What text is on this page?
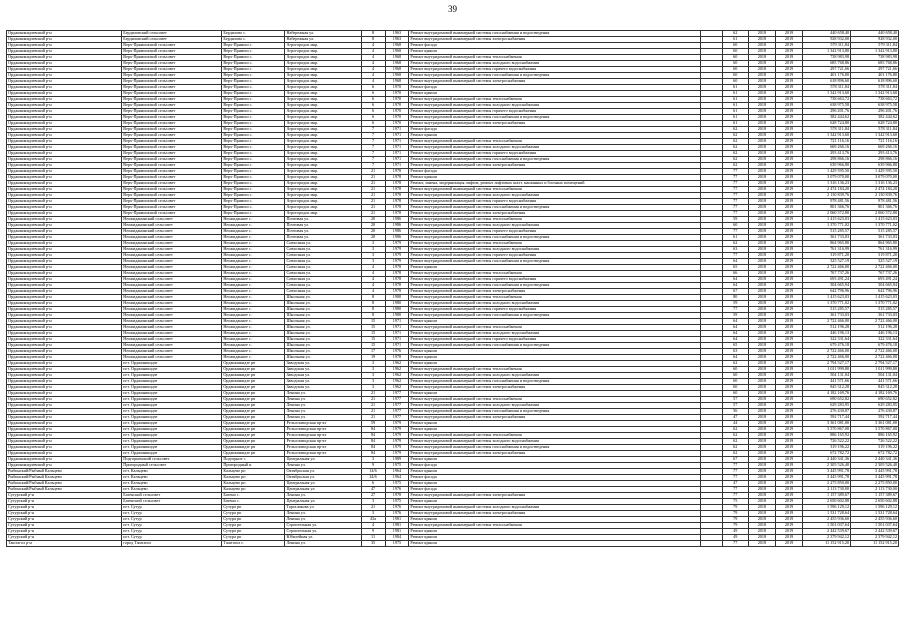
39
Орджоникидзевский р-н	Бердиловский сельсовет	Бердилово с.	Набережная ул.	8	1963	Ремонт внутридомовой инженерной системы газоснабжения и водоотведения		62	2018	2019	440 658,40	440 658,40
Орджоникидзевский р-н	Бердиловский сельсовет	Бердилово с.	Набережная ул.	8	1963	Ремонт внутридомовой инженерной системы электроснабжения		61	2018	2019	928 932,00	928 932,00
Орджоникидзевский р-н	Верх-Прямошский сельсовет	Верх-Прямош с.	Агрогородок мкр.	4	1968	Ремонт фасада		60	2018	2019	579 311,84	579 311,84
Орджоникидзевский р-н	Верх-Прямошский сельсовет	Верх-Прямош с.	Агрогородок мкр.	4	1968	Ремонт крыши		60	2018	2019	1 342 913,80	1 342 913,80
Орджоникидзевский р-н	Верх-Прямошский сельсовет	Верх-Прямош с.	Агрогородок мкр.	4	1968	Ремонт внутридомовой инженерной системы теплоснабжения		60	2018	2019	738 983,98	738 983,98
Орджоникидзевский р-н	Верх-Прямошский сельсовет	Верх-Прямош с.	Агрогородок мкр.	4	1968	Ремонт внутридомовой инженерной системы холодного водоснабжения		60	2018	2019	685 768,86	685 768,86
Орджоникидзевский р-н	Верх-Прямошский сельсовет	Верх-Прямош с.	Агрогородок мкр.	4	1968	Ремонт внутридомовой инженерной системы горячего водоснабжения		60	2018	2019	297 721,66	297 721,66
Орджоникидзевский р-н	Верх-Прямошский сельсовет	Верх-Прямош с.	Агрогородок мкр.	4	1968	Ремонт внутридомовой инженерной системы газоснабжения и водоотведения		60	2018	2019	401 176,80	401 176,80
Орджоникидзевский р-н	Верх-Прямошский сельсовет	Верх-Прямош с.	Агрогородок мкр.	4	1968	Ремонт внутридомовой инженерной системы электроснабжения		60	2018	2019	618 896,60	618 896,60
Орджоникидзевский р-н	Верх-Прямошский сельсовет	Верх-Прямош с.	Агрогородок мкр.	6	1970	Ремонт фасада		61	2018	2019	578 311,84	578 311,84
Орджоникидзевский р-н	Верх-Прямошский сельсовет	Верх-Прямош с.	Агрогородок мкр.	6	1970	Ремонт крыши		61	2018	2019	1 342 913,60	1 342 913,60
Орджоникидзевский р-н	Верх-Прямошский сельсовет	Верх-Прямош с.	Агрогородок мкр.	6	1970	Ремонт внутридомовой инженерной системы теплоснабжения		61	2018	2019	738 663,72	738 663,72
Орджоникидзевский р-н	Верх-Прямошский сельсовет	Верх-Прямош с.	Агрогородок мкр.	6	1970	Ремонт внутридомовой инженерной системы холодного водоснабжения		61	2018	2019	638 975,58	638 975,58
Орджоникидзевский р-н	Верх-Прямошский сельсовет	Верх-Прямош с.	Агрогородок мкр.	6	1970	Ремонт внутридомовой инженерной системы горячего водоснабжения		61	2018	2019	296 201,76	296 201,76
Орджоникидзевский р-н	Верх-Прямошский сельсовет	Верх-Прямош с.	Агрогородок мкр.	6	1970	Ремонт внутридомовой инженерной системы газоснабжения и водоотведения		61	2018	2019	382 444,62	382 444,62
Орджоникидзевский р-н	Верх-Прямошский сельсовет	Верх-Прямош с.	Агрогородок мкр.	6	1970	Ремонт внутридомовой инженерной системы электроснабжения		61	2018	2019	628 724,80	628 724,80
Орджоникидзевский р-н	Верх-Прямошский сельсовет	Верх-Прямош с.	Агрогородок мкр.	7	1971	Ремонт фасада		62	2018	2019	578 311,84	578 311,84
Орджоникидзевский р-н	Верх-Прямошский сельсовет	Верх-Прямош с.	Агрогородок мкр.	7	1971	Ремонт крыши		62	2018	2019	1 342 913,60	1 342 913,60
Орджоникидзевский р-н	Верх-Прямошский сельсовет	Верх-Прямош с.	Агрогородок мкр.	7	1971	Ремонт внутридомовой инженерной системы теплоснабжения		62	2018	2019	721 116,16	721 116,16
Орджоникидзевский р-н	Верх-Прямошский сельсовет	Верх-Прямош с.	Агрогородок мкр.	7	1971	Ремонт внутридомовой инженерной системы холодного водоснабжения		62	2018	2019	669 266,16	669 266,16
Орджоникидзевский р-н	Верх-Прямошский сельсовет	Верх-Прямош с.	Агрогородок мкр.	7	1971	Ремонт внутридомовой инженерной системы горячего водоснабжения		62	2018	2019	293 413,76	293 413,76
Орджоникидзевский р-н	Верх-Прямошский сельсовет	Верх-Прямош с.	Агрогородок мкр.	7	1971	Ремонт внутридомовой инженерной системы газоснабжения и водоотведения		62	2018	2019	298 866,16	298 866,16
Орджоникидзевский р-н	Верх-Прямошский сельсовет	Верх-Прямош с.	Агрогородок мкр.	7	1971	Ремонт внутридомовой инженерной системы электроснабжения		62	2018	2019	639 966,80	639 966,80
Орджоникидзевский р-н	Верх-Прямошский сельсовет	Верх-Прямош с.	Агрогородок мкр.	21	1978	Ремонт фасада		77	2018	2019	1 429 595,50	1 429 595,50
Орджоникидзевский р-н	Верх-Прямошский сельсовет	Верх-Прямош с.	Агрогородок мкр.	21	1978	Ремонт крыши		77	2018	2019	3 079 070,00	3 079 070,00
Орджоникидзевский р-н	Верх-Прямошский сельсовет	Верх-Прямош с.	Агрогородок мкр.	21	1978	Ремонт, замена, модернизация лифтов, ремонт лифтовых шахт, машинных и блочных помещений		77	2018	2019	1 316 136,23	1 316 136,23
Орджоникидзевский р-н	Верх-Прямошский сельсовет	Верх-Прямош с.	Агрогородок мкр.	21	1978	Ремонт внутридомовой инженерной системы теплоснабжения		77	2018	2019	2 474 184,20	2 474 184,20
Орджоникидзевский р-н	Верх-Прямошский сельсовет	Верх-Прямош с.	Агрогородок мкр.	21	1978	Ремонт внутридомовой инженерной системы холодного водоснабжения		77	2018	2019	2 130 839,76	2 130 839,76
Орджоникидзевский р-н	Верх-Прямошский сельсовет	Верх-Прямош с.	Агрогородок мкр.	21	1978	Ремонт внутридомовой инженерной системы горячего водоснабжения		77	2018	2019	978 481,56	978 481,56
Орджоникидзевский р-н	Верх-Прямошский сельсовет	Верх-Прямош с.	Агрогородок мкр.	21	1978	Ремонт внутридомовой инженерной системы газоснабжения и водоотведения		77	2018	2019	801 366,76	801 366,76
Орджоникидзевский р-н	Верх-Прямошский сельсовет	Верх-Прямош с.	Агрогородок мкр.	21	1978	Ремонт внутридомовой инженерной системы электроснабжения		77	2018	2019	2 060 572,80	2 060 572,80
Орджоникидзевский р-н	Неожиданинский сельсовет	Неожиданное с.	Почтовая ул.	20	1986	Ремонт внутридомовой инженерной системы теплоснабжения		59	2018	2019	1 415 623,03	1 415 623,03
Орджоникидзевский р-н	Неожиданинский сельсовет	Неожиданное с.	Почтовая ул.	20	1986	Ремонт внутридомовой инженерной системы холодного водоснабжения		60	2018	2019	1 370 771,02	1 370 771,02
Орджоникидзевский р-н	Неожиданинский сельсовет	Неожиданное с.	Почтовая ул.	20	1986	Ремонт внутридомовой инженерной системы горячего водоснабжения		77	2018	2019	515 285,57	515 285,57
Орджоникидзевский р-н	Неожиданинский сельсовет	Неожиданное с.	Почтовая ул.	20	1986	Ремонт внутридомовой инженерной системы газоснабжения и водоотведения		61	2018	2019	361 733,03	361 733,03
Орджоникидзевский р-н	Неожиданинский сельсовет	Неожиданное с.	Совхозная ул.	3	1979	Ремонт внутридомовой инженерной системы теплоснабжения		62	2018	2019	864 965,80	864 965,80
Орджоникидзевский р-н	Неожиданинский сельсовет	Неожиданное с.	Совхозная ул.	3	1979	Ремонт внутридомовой инженерной системы холодного водоснабжения		63	2018	2019	761 316,99	761 316,99
Орджоникидзевский р-н	Неожиданинский сельсовет	Неожиданное с.	Совхозная ул.	3	1979	Ремонт внутридомовой инженерной системы горячего водоснабжения		77	2018	2019	319 871,20	319 871,20
Орджоникидзевский р-н	Неожиданинский сельсовет	Неожиданное с.	Совхозная ул.	3	1979	Ремонт внутридомовой инженерной системы газоснабжения и водоотведения		64	2018	2019	325 527,19	325 527,19
Орджоникидзевский р-н	Неожиданинский сельсовет	Неожиданное с.	Совхозная ул.	4	1978	Ремонт крыши		65	2018	2019	2 722 466,00	2 722 466,00
Орджоникидзевский р-н	Неожиданинский сельсовет	Неожиданное с.	Совхозная ул.	4	1978	Ремонт внутридомовой инженерной системы теплоснабжения		66	2018	2019	767 737,26	767 737,26
Орджоникидзевский р-н	Неожиданинский сельсовет	Неожиданное с.	Совхозная ул.	4	1978	Ремонт внутридомовой инженерной системы горячего водоснабжения		64	2018	2019	693 491,24	693 491,24
Орджоникидзевский р-н	Неожиданинский сельсовет	Неожиданное с.	Совхозная ул.	4	1978	Ремонт внутридомовой инженерной системы газоснабжения и водоотведения		64	2018	2019	304 665,94	304 665,94
Орджоникидзевский р-н	Неожиданинский сельсовет	Неожиданное с.	Совхозная ул.	4	1978	Ремонт внутридомовой инженерной системы электроснабжения		67	2018	2019	642 796,96	642 796,96
Орджоникидзевский р-н	Неожиданинский сельсовет	Неожиданное с.	Школьная ул.	8	1980	Ремонт внутридомовой инженерной системы теплоснабжения		80	2018	2019	1 415 623,03	1 415 623,03
Орджоникидзевский р-н	Неожиданинский сельсовет	Неожиданное с.	Школьная ул.	8	1980	Ремонт внутридомовой инженерной системы холодного водоснабжения		59	2018	2019	1 370 771,02	1 370 771,02
Орджоникидзевский р-н	Неожиданинский сельсовет	Неожиданное с.	Школьная ул.	8	1980	Ремонт внутридомовой инженерной системы горячего водоснабжения		77	2018	2019	515 285,57	515 285,57
Орджоникидзевский р-н	Неожиданинский сельсовет	Неожиданное с.	Школьная ул.	8	1980	Ремонт внутридомовой инженерной системы газоснабжения и водоотведения		59	2018	2019	361 733,03	361 733,03
Орджоникидзевский р-н	Неожиданинский сельсовет	Неожиданное с.	Школьная ул.	15	1971	Ремонт крыши		64	2018	2019	2 722 466,00	2 722 466,00
Орджоникидзевский р-н	Неожиданинский сельсовет	Неожиданное с.	Школьная ул.	15	1971	Ремонт внутридомовой инженерной системы теплоснабжения		64	2018	2019	512 196,28	512 196,28
Орджоникидзевский р-н	Неожиданинский сельсовет	Неожиданное с.	Школьная ул.	15	1971	Ремонт внутридомовой инженерной системы холодного водоснабжения		64	2018	2019	446 196,13	446 196,13
Орджоникидзевский р-н	Неожиданинский сельсовет	Неожиданное с.	Школьная ул.	15	1971	Ремонт внутридомовой инженерной системы горячего водоснабжения		64	2018	2019	322 331,64	322 331,64
Орджоникидзевский р-н	Неожиданинский сельсовет	Неожиданное с.	Школьная ул.	15	1971	Ремонт внутридомовой инженерной системы газоснабжения и водоотведения		65	2018	2019	679 476,18	679 476,18
Орджоникидзевский р-н	Неожиданинский сельсовет	Неожиданное с.	Школьная ул.	17	1976	Ремонт крыши		63	2018	2019	2 722 466,00	2 722 466,00
Орджоникидзевский р-н	Неожиданинский сельсовет	Неожиданное с.	Школьная ул.	19	1978	Ремонт крыши		64	2018	2019	2 722 466,00	2 722 466,00
Орджоникидзевский р-н	пгт. Орджоникидзе	Орджоникидзе рп	Заводская ул.	3	1962	Ремонт крыши		62	2018	2019	2 794 527,17	2 794 527,17
Орджоникидзевский р-н	пгт. Орджоникидзе	Орджоникидзе рп	Заводская ул.	3	1962	Ремонт внутридомовой инженерной системы теплоснабжения		60	2018	2019	1 011 999,80	1 011 999,80
Орджоникидзевский р-н	пгт. Орджоникидзе	Орджоникидзе рп	Заводская ул.	3	1962	Ремонт внутридомовой инженерной системы холодного водоснабжения		60	2018	2019	504 131,04	504 131,04
Орджоникидзевский р-н	пгт. Орджоникидзе	Орджоникидзе рп	Заводская ул.	3	1962	Ремонт внутридомовой инженерной системы газоснабжения и водоотведения		60	2018	2019	441 571,66	441 571,66
Орджоникидзевский р-н	пгт. Орджоникидзе	Орджоникидзе рп	Заводская ул.	3	1962	Ремонт внутридомовой инженерной системы электроснабжения		60	2018	2019	845 312,28	845 312,28
Орджоникидзевский р-н	пгт. Орджоникидзе	Орджоникидзе рп	Ленина ул.	21	1977	Ремонт крыши		60	2018	2019	4 182 169,76	4 182 169,76
Орджоникидзевский р-н	пгт. Орджоникидзе	Орджоникидзе рп	Ленина ул.	21	1977	Ремонт внутридомовой инженерной системы теплоснабжения		57	2018	2019	690 652,82	690 652,82
Орджоникидзевский р-н	пгт. Орджоникидзе	Орджоникидзе рп	Ленина ул.	21	1977	Ремонт внутридомовой инженерной системы холодного водоснабжения		57	2018	2019	629 283,95	629 283,95
Орджоникидзевский р-н	пгт. Орджоникидзе	Орджоникидзе рп	Ленина ул.	21	1977	Ремонт внутридомовой инженерной системы газоснабжения и водоотведения		56	2018	2019	276 430,87	276 430,87
Орджоникидзевский р-н	пгт. Орджоникидзе	Орджоникидзе рп	Ленина ул.	21	1977	Ремонт внутридомовой инженерной системы электроснабжения		47	2018	2019	592 717,44	592 717,44
Орджоникидзевский р-н	пгт. Орджоникидзе	Орджоникидзе рп	Рельсозаводская пр-кт	59	1979	Ремонт крыши		44	2018	2019	3 361 081,00	3 361 081,00
Орджоникидзевский р-н	пгт. Орджоникидзе	Орджоникидзе рп	Рельсозаводская пр-кт	84	1979	Ремонт крыши		62	2018	2019	3 570 867,00	3 570 867,00
Орджоникидзевский р-н	пгт. Орджоникидзе	Орджоникидзе рп	Рельсозаводская пр-кт	84	1979	Ремонт внутридомовой инженерной системы теплоснабжения		62	2018	2019	886 165,92	886 165,92
Орджоникидзевский р-н	пгт. Орджоникидзе	Орджоникидзе рп	Рельсозаводская пр-кт	84	1979	Ремонт внутридомовой инженерной системы холодного водоснабжения		62	2018	2019	726 522,22	726 522,22
Орджоникидзевский р-н	пгт. Орджоникидзе	Орджоникидзе рп	Рельсозаводская пр-кт	84	1979	Ремонт внутридомовой инженерной системы газоснабжения и водоотведения		62	2018	2019	319 196,22	319 196,22
Орджоникидзевский р-н	пгт. Орджоникидзе	Орджоникидзе рп	Рельсозаводская пр-кт	84	1979	Ремонт внутридомовой инженерной системы электроснабжения		62	2018	2019	672 782,72	672 782,72
Орджоникидзевский р-н	Подгорненский сельсовет	Подгорное с.	Центральная ул.	3	1989	Ремонт крыши		67	2018	2019	2 440 341,36	2 440 341,36
Орджоникидзевский р-н	Пригородный сельсовет	Пригородный п.	Ленина ул.	9	1975	Ремонт фасада		77	2018	2019	2 305 526,40	2 305 526,40
Рыбинский/Рыбный Кальцево	пгт. Кальцево	Кальцево рп	Октябрьская ул.	14/6	1964	Ремонт крыши		77	2018	2019	3 445 991,78	3 445 991,78
Рыбинский/Рыбный Кальцево	пгт. Кальцево	Кальцево рп	Октябрьская ул.	24/6	1964	Ремонт фасада		77	2018	2019	3 445 991,78	3 445 991,78
Рыбинский/Рыбный Кальцево	пгт. Кальцево	Кальцево рп	Центральная ул.	6	1975	Ремонт крыши		47	2018	2019	2 275 850,00	2 275 850,00
Рыбинский/Рыбный Кальцево	пгт. Кальцево	Кальцево рп	Центральная ул.	47	1976	Ремонт фасада		77	2018	2019	2 113 730,00	2 113 730,00
Сутурский р-н	Батенский сельсовет	Батени с.	Ленина ул.	27	1978	Ремонт внутридомовой инженерной системы электроснабжения		77	2018	2019	1 157 389,67	1 157 389,67
Сутурский р-н	Батенский сельсовет	Батени с.	Центральная ул.	3	1975	Ремонт крыши		75	2018	2019	2 650 602,88	2 650 602,88
Сутурский р-н	пгт. Сутур	Сутура рп	Таргаликова ул.	21	1976	Ремонт внутридомовой инженерной системы холодного водоснабжения		79	2018	2019	1 596 129,12	1 596 129,12
Сутурский р-н	пгт. Сутур	Сутура рп	Ленина ул.	3	1976	Ремонт внутридомовой инженерной системы электроснабжения		79	2018	2019	1 531 728,64	1 531 728,64
Сутурский р-н	пгт. Сутур	Сутура рп	Ленина ул.	43а	1981	Ремонт крыши		79	2018	2019	2 455 936,60	2 455 936,60
Сутурский р-н	пгт. Сутур	Сутура рп	Строительная ул.	4	1981	Ремонт внутридомовой инженерной системы теплоснабжения		79	2018	2019	1 501 037,64	1 501 037,64
Сутурский р-н	пгт. Сутур	Сутура рп	Строительная ул.	9	1981	Ремонт крыши		49	2018	2019	2 442 539,67	2 442 539,67
Сутурский р-н	пгт. Сутур	Сутура рп	Юбилейная ул.	11	1984	Ремонт крыши		49	2018	2019	2 379 942,12	2 379 942,12
Таштагол р-н	город Таштагол	Таштагол г.	Ленина ул.	35	1975	Ремонт крыши		77	2018	2019	11 152 915,20	11 152 915,20
